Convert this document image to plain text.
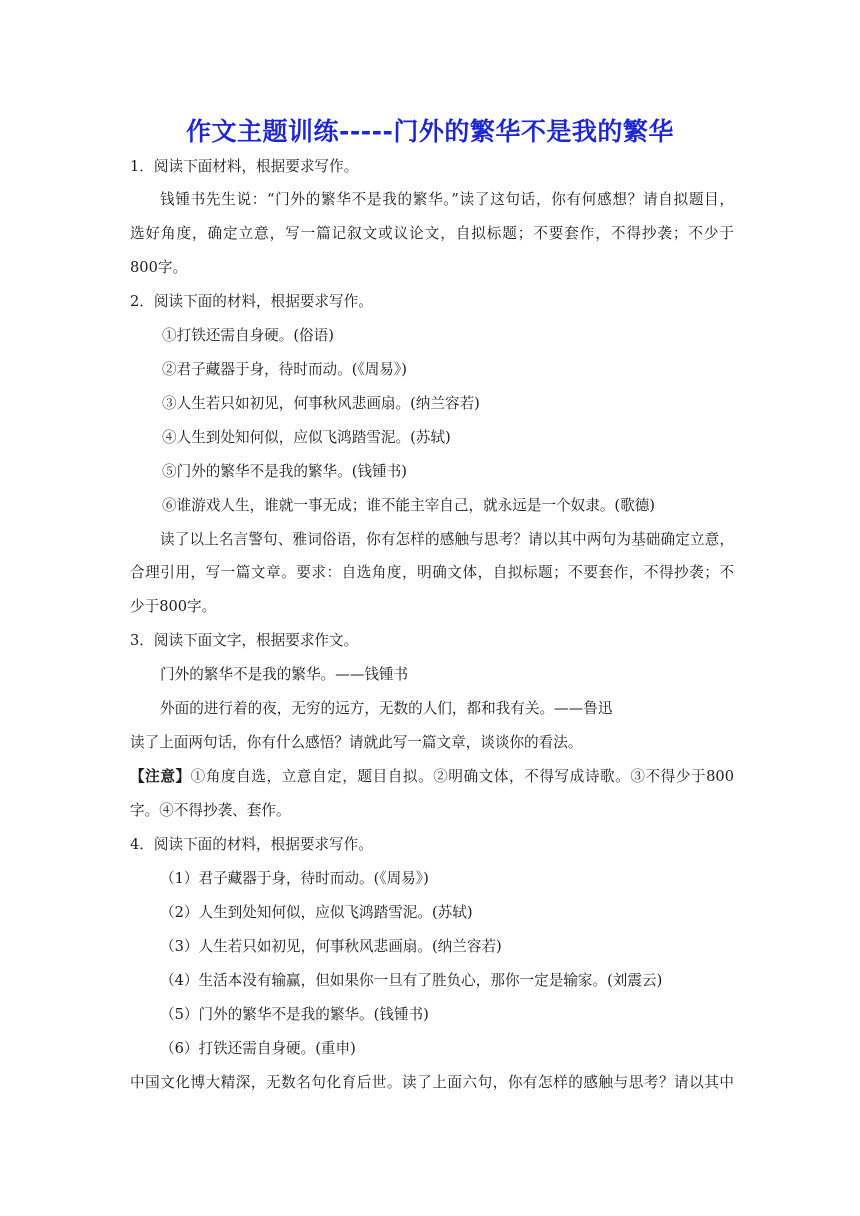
作文主题训练-----门外的繁华不是我的繁华
1．阅读下面材料，根据要求写作。
钱锺书先生说：“门外的繁华不是我的繁华。”读了这句话，你有何感想？请自拟题目，
选好角度，确定立意，写一篇记叙文或议论文，自拟标题；不要套作，不得抄袭；不少于
800字。
2．阅读下面的材料，根据要求写作。
①打铁还需自身硬。(俗语)
②君子藏器于身，待时而动。(《周易》)
③人生若只如初见，何事秋风悲画扇。(纳兰容若)
④人生到处知何似，应似飞鸿踏雪泥。(苏轼)
⑤门外的繁华不是我的繁华。(钱锺书)
⑥谁游戏人生，谁就一事无成；谁不能主宰自己，就永远是一个奴隶。(歌德)
读了以上名言警句、雅词俗语，你有怎样的感触与思考？请以其中两句为基础确定立意，
合理引用，写一篇文章。要求：自选角度，明确文体，自拟标题；不要套作，不得抄袭；不
少于800字。
3．阅读下面文字，根据要求作文。
门外的繁华不是我的繁华。——钱锺书
外面的进行着的夜，无穷的远方，无数的人们，都和我有关。——鲁迅
读了上面两句话，你有什么感悟？请就此写一篇文章，谈谈你的看法。
【注意】①角度自选，立意自定，题目自拟。②明确文体，不得写成诗歌。③不得少于800
字。④不得抄袭、套作。
4．阅读下面的材料，根据要求写作。
（1）君子藏器于身，待时而动。(《周易》)
（2）人生到处知何似，应似飞鸿踏雪泥。(苏轼)
（3）人生若只如初见，何事秋风悲画扇。(纳兰容若)
（4）生活本没有输赢，但如果你一旦有了胜负心，那你一定是输家。(刘震云)
（5）门外的繁华不是我的繁华。(钱锺书)
（6）打铁还需自身硬。(重申)
中国文化博大精深，无数名句化育后世。读了上面六句，你有怎样的感触与思考？请以其中
